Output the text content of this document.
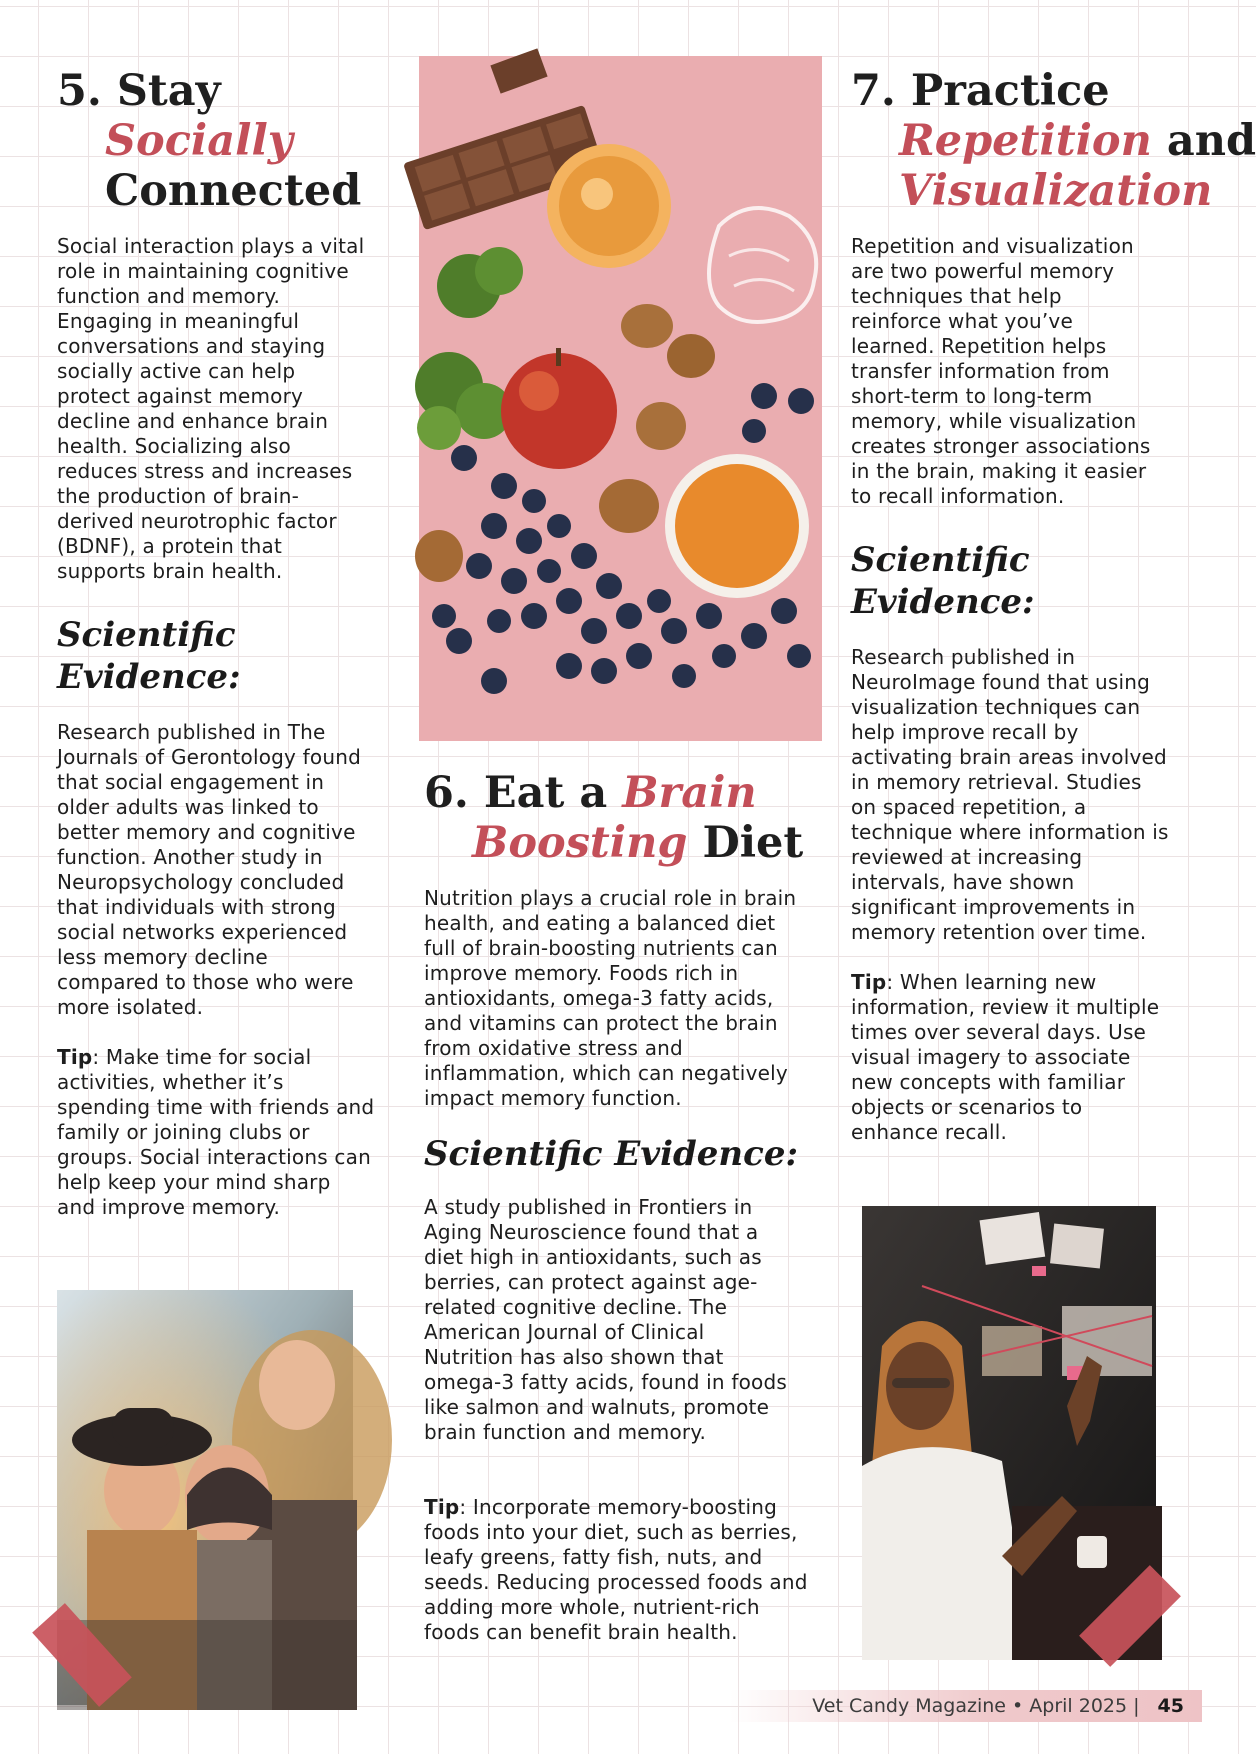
5. Stay
Socially
Connected

Social interaction plays a vital role in maintaining cognitive function and memory. Engaging in meaningful conversations and staying socially active can help protect against memory decline and enhance brain health. Socializing also reduces stress and increases the production of brain-derived neurotrophic factor (BDNF), a protein that supports brain health.

Scientific Evidence:

Research published in The Journals of Gerontology found that social engagement in older adults was linked to better memory and cognitive function. Another study in Neuropsychology concluded that individuals with strong social networks experienced less memory decline compared to those who were more isolated.

Tip: Make time for social activities, whether it’s spending time with friends and family or joining clubs or groups. Social interactions can help keep your mind sharp and improve memory.

6. Eat a Brain
Boosting Diet

Nutrition plays a crucial role in brain health, and eating a balanced diet full of brain-boosting nutrients can improve memory. Foods rich in antioxidants, omega-3 fatty acids, and vitamins can protect the brain from oxidative stress and inflammation, which can negatively impact memory function.

Scientific Evidence:

A study published in Frontiers in Aging Neuroscience found that a diet high in antioxidants, such as berries, can protect against age-related cognitive decline. The American Journal of Clinical Nutrition has also shown that omega-3 fatty acids, found in foods like salmon and walnuts, promote brain function and memory.

Tip: Incorporate memory-boosting foods into your diet, such as berries, leafy greens, fatty fish, nuts, and seeds. Reducing processed foods and adding more whole, nutrient-rich foods can benefit brain health.

7. Practice
Repetition and
Visualization

Repetition and visualization are two powerful memory techniques that help reinforce what you’ve learned. Repetition helps transfer information from short-term to long-term memory, while visualization creates stronger associations in the brain, making it easier to recall information.

Scientific Evidence:

Research published in NeuroImage found that using visualization techniques can help improve recall by activating brain areas involved in memory retrieval. Studies on spaced repetition, a technique where information is reviewed at increasing intervals, have shown significant improvements in memory retention over time.

Tip: When learning new information, review it multiple times over several days. Use visual imagery to associate new concepts with familiar objects or scenarios to enhance recall.

Vet Candy Magazine • April 2025 | 45
